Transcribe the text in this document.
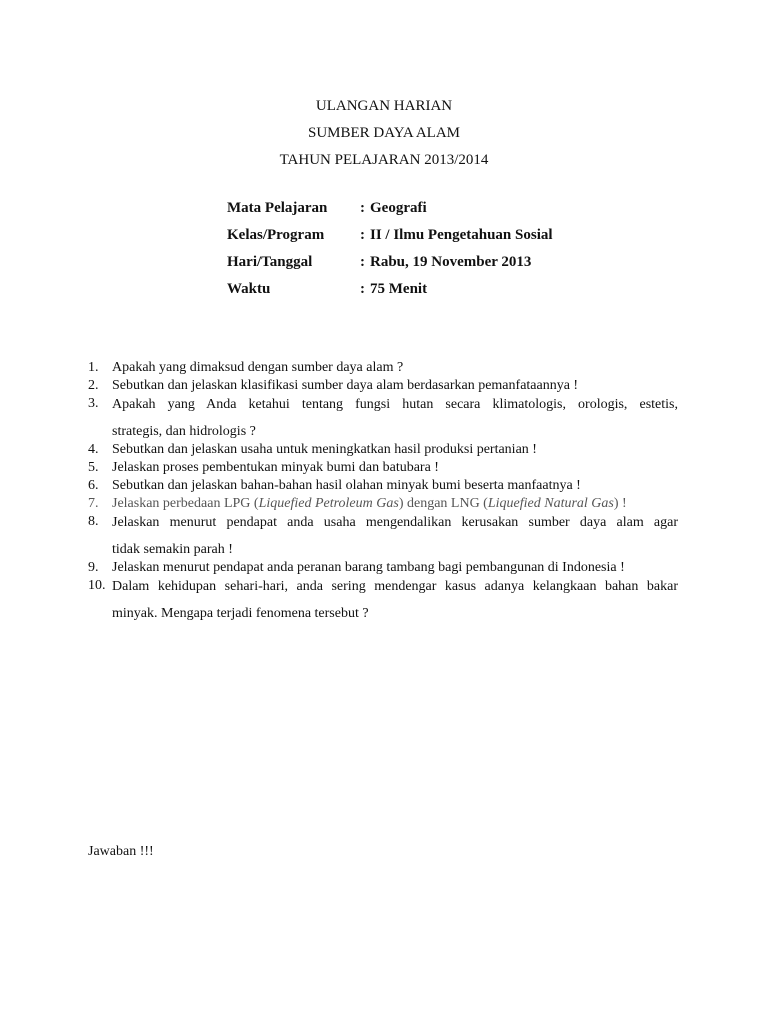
ULANGAN HARIAN
SUMBER DAYA ALAM
TAHUN PELAJARAN 2013/2014
Mata Pelajaran	: Geografi
Kelas/Program	: II / Ilmu Pengetahuan Sosial
Hari/Tanggal	: Rabu, 19 November 2013
Waktu	: 75 Menit
1. Apakah yang dimaksud dengan sumber daya alam ?
2. Sebutkan dan jelaskan klasifikasi sumber daya alam berdasarkan pemanfataannya !
3. Apakah yang Anda ketahui tentang fungsi hutan secara klimatologis, orologis, estetis,
strategis, dan hidrologis ?
4. Sebutkan dan jelaskan usaha untuk meningkatkan hasil produksi pertanian !
5. Jelaskan proses pembentukan minyak bumi dan batubara !
6. Sebutkan dan jelaskan bahan-bahan hasil olahan minyak bumi beserta manfaatnya !
7. Jelaskan perbedaan LPG (Liquefied Petroleum Gas) dengan LNG (Liquefied Natural Gas) !
8. Jelaskan menurut pendapat anda usaha mengendalikan kerusakan sumber daya alam agar
tidak semakin parah !
9. Jelaskan menurut pendapat anda peranan barang tambang bagi pembangunan di Indonesia !
10. Dalam kehidupan sehari-hari, anda sering mendengar kasus adanya kelangkaan bahan bakar
minyak. Mengapa terjadi fenomena tersebut ?
Jawaban !!!
